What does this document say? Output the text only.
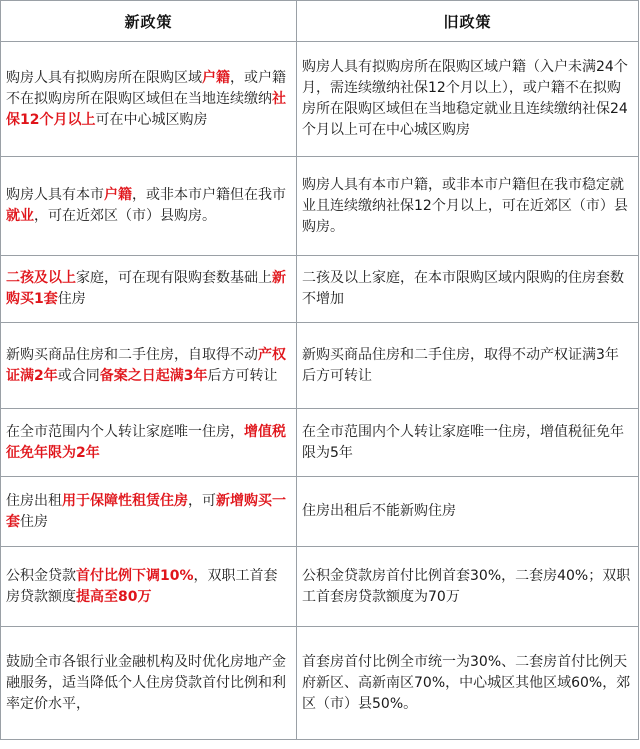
新政策	旧政策
购房人具有拟购房所在限购区域户籍，或户籍不在拟购房所在限购区域但在当地连续缴纳社保12个月以上可在中心城区购房	购房人具有拟购房所在限购区域户籍（入户未满24个月，需连续缴纳社保12个月以上），或户籍不在拟购房所在限购区域但在当地稳定就业且连续缴纳社保24个月以上可在中心城区购房
购房人具有本市户籍，或非本市户籍但在我市就业，可在近郊区（市）县购房。	购房人具有本市户籍，或非本市户籍但在我市稳定就业且连续缴纳社保12个月以上，可在近郊区（市）县购房。
二孩及以上家庭，可在现有限购套数基础上新购买1套住房	二孩及以上家庭，在本市限购区域内限购的住房套数不增加
新购买商品住房和二手住房，自取得不动产权证满2年或合同备案之日起满3年后方可转让	新购买商品住房和二手住房，取得不动产权证满3年后方可转让
在全市范围内个人转让家庭唯一住房，增值税征免年限为2年	在全市范围内个人转让家庭唯一住房，增值税征免年限为5年
住房出租用于保障性租赁住房，可新增购买一套住房	住房出租后不能新购住房
公积金贷款首付比例下调10%，双职工首套房贷款额度提高至80万	公积金贷款房首付比例首套30%，二套房40%；双职工首套房贷款额度为70万
鼓励全市各银行业金融机构及时优化房地产金融服务，适当降低个人住房贷款首付比例和利率定价水平，	首套房首付比例全市统一为30%、二套房首付比例天府新区、高新南区70%，中心城区其他区域60%，郊区（市）县50%。
